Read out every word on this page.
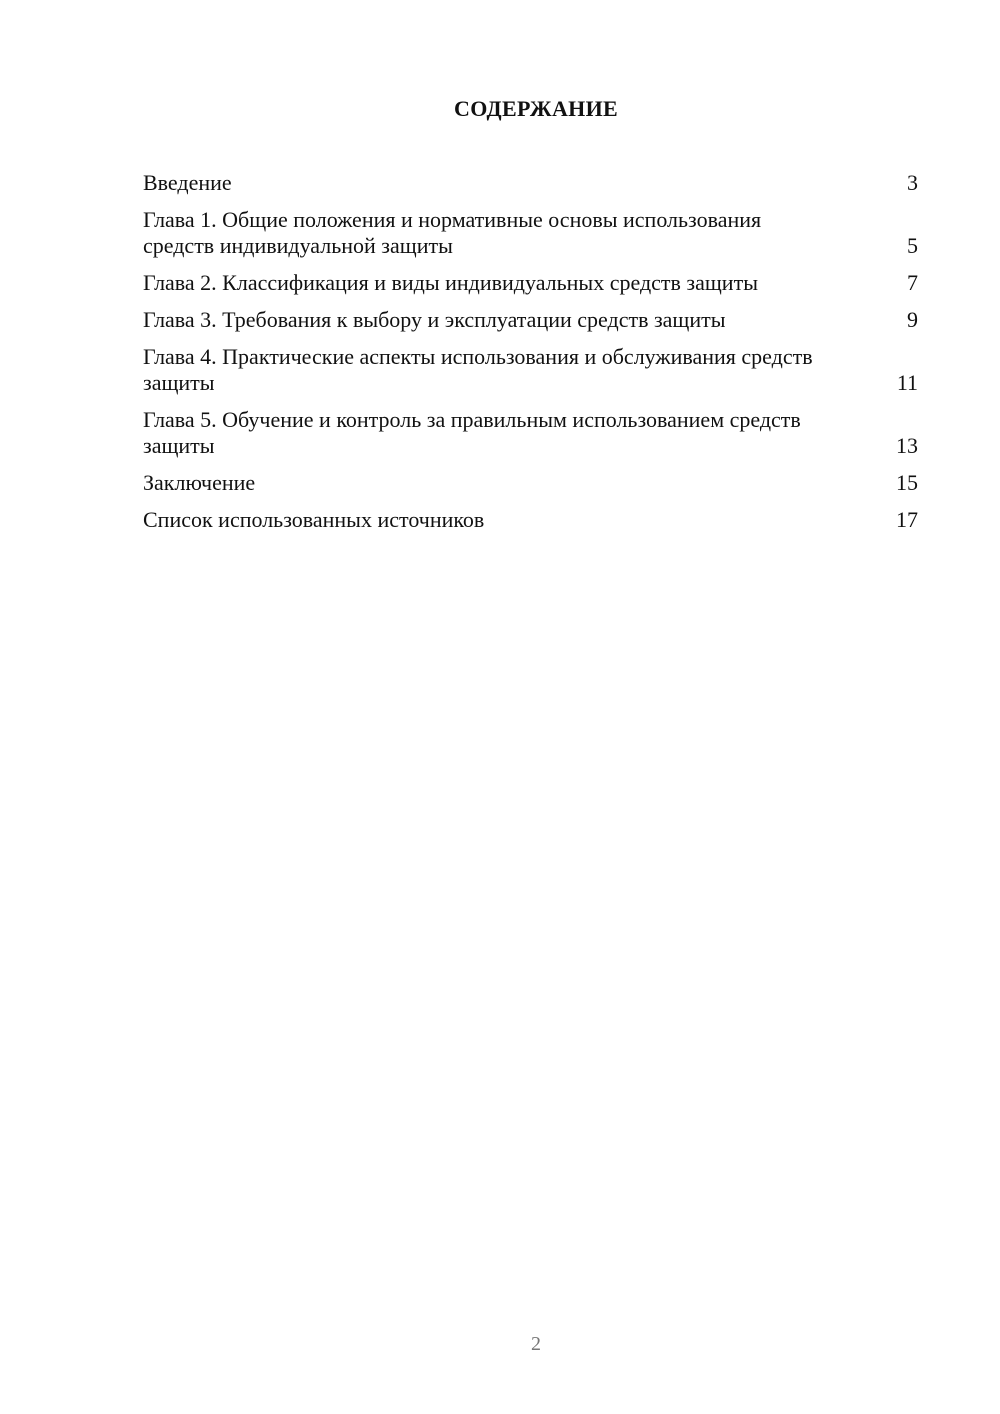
СОДЕРЖАНИЕ
Введение	3
Глава 1. Общие положения и нормативные основы использования средств индивидуальной защиты	5
Глава 2. Классификация и виды индивидуальных средств защиты	7
Глава 3. Требования к выбору и эксплуатации средств защиты	9
Глава 4. Практические аспекты использования и обслуживания средств защиты	11
Глава 5. Обучение и контроль за правильным использованием средств защиты	13
Заключение	15
Список использованных источников	17
2
